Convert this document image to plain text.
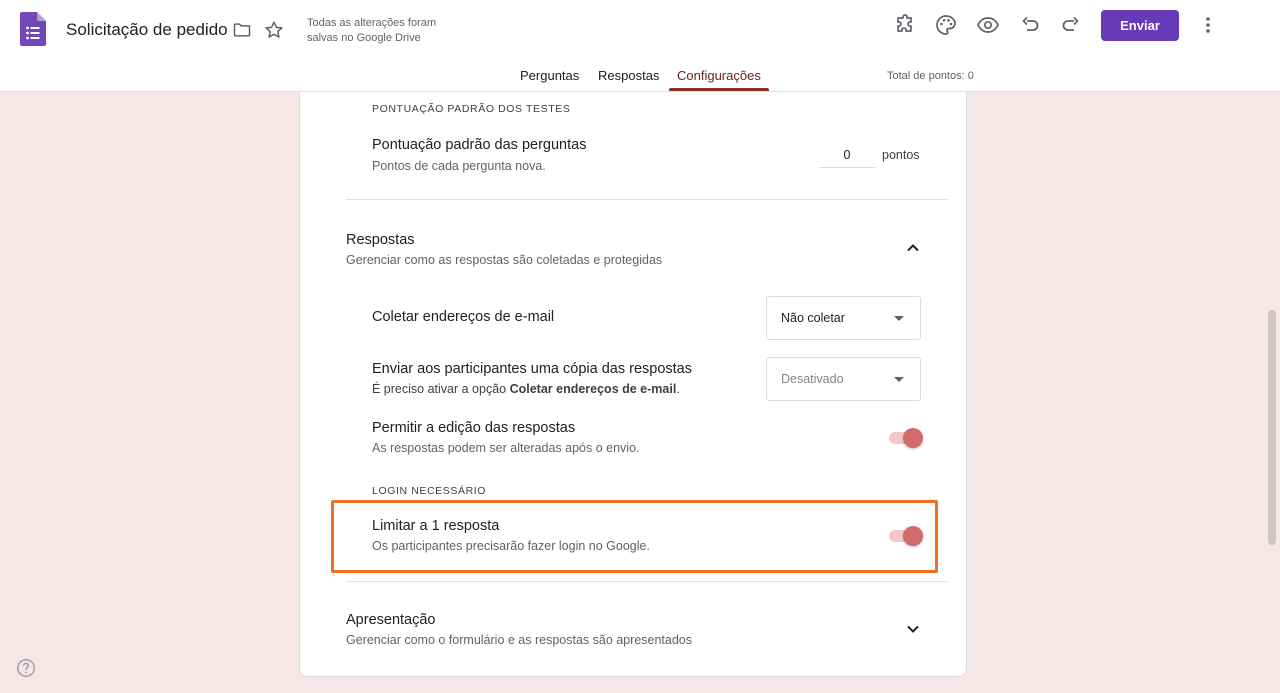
Solicitação de pedido	Todas as alterações foram
salvas no Google Drive
Enviar
Perguntas Respostas Configurações	Total de pontos: 0
PONTUAÇÃO PADRÃO DOS TESTES
Pontuação padrão das perguntas
Pontos de cada pergunta nova.
0
pontos
Respostas
Gerenciar como as respostas são coletadas e protegidas
Coletar endereços de e-mail	Não coletar
Enviar aos participantes uma cópia das respostas
É preciso ativar a opção Coletar endereços de e-mail.
Desativado
Permitir a edição das respostas
As respostas podem ser alteradas após o envio.
LOGIN NECESSÁRIO
Limitar a 1 resposta
Os participantes precisarão fazer login no Google.
Apresentação
Gerenciar como o formulário e as respostas são apresentados
